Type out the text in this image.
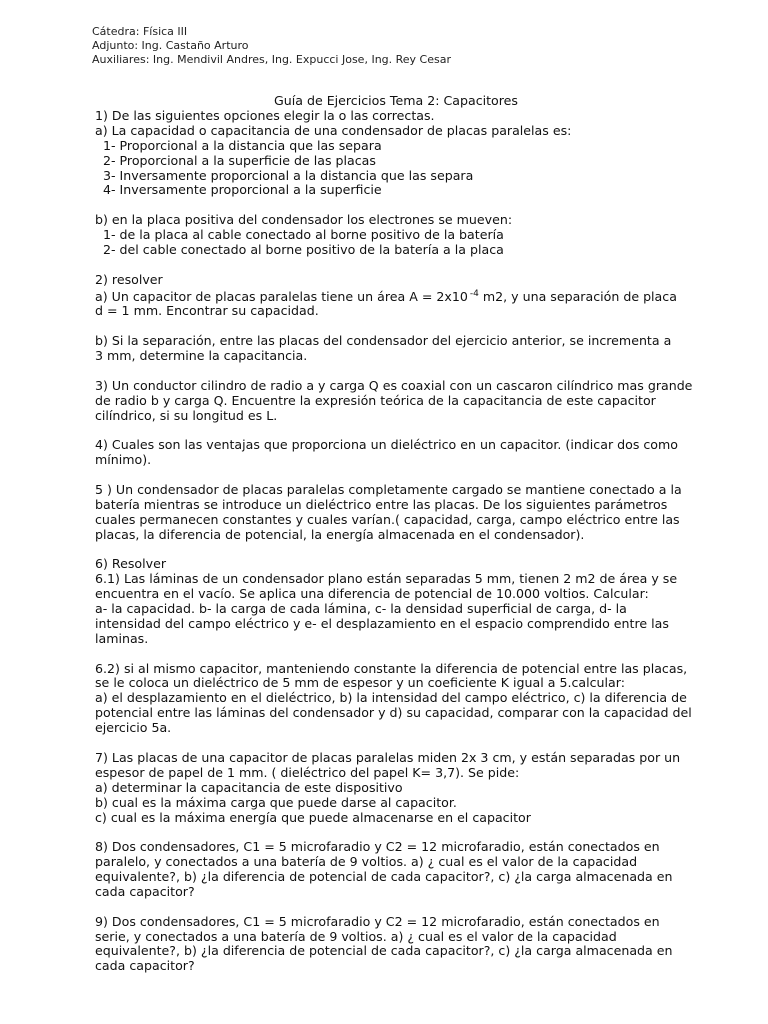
Cátedra: Física III
Adjunto: Ing. Castaño Arturo
Auxiliares: Ing. Mendivil Andres, Ing. Expucci Jose, Ing. Rey Cesar
Guía de Ejercicios Tema 2: Capacitores

1) De las siguientes opciones elegir la o las correctas.

a) La capacidad o capacitancia de una condensador de placas paralelas es:

1- Proporcional a la distancia que las separa

2- Proporcional a la superficie de las placas

3- Inversamente proporcional a la distancia que las separa

4- Inversamente proporcional a la superficie

b) en la placa positiva del condensador los electrones se mueven:

1- de la placa al cable conectado al borne positivo de la batería

2- del cable conectado al borne positivo de la batería a la placa

2) resolver

a) Un capacitor de placas paralelas tiene un área A = 2x10 $^{-4}$ m2, y una separación de placa

d = 1 mm. Encontrar su capacidad.

b) Si la separación, entre las placas del condensador del ejercicio anterior, se incrementa a

3 mm, determine la capacitancia.

3) Un conductor cilindro de radio a y carga Q es coaxial con un cascaron cilíndrico mas grande

de radio b y carga Q. Encuentre la expresión teórica de la capacitancia de este capacitor

cilíndrico, si su longitud es L.

4) Cuales son las ventajas que proporciona un dieléctrico en un capacitor. (indicar dos como

mínimo).

5 ) Un condensador de placas paralelas completamente cargado se mantiene conectado a la

batería mientras se introduce un dieléctrico entre las placas. De los siguientes parámetros

cuales permanecen constantes y cuales varían.( capacidad, carga, campo eléctrico entre las

placas, la diferencia de potencial, la energía almacenada en el condensador).

6) Resolver

6.1) Las láminas de un condensador plano están separadas 5 mm, tienen 2 m2 de área y se

encuentra en el vacío. Se aplica una diferencia de potencial de 10.000 voltios. Calcular:

a- la capacidad. b- la carga de cada lámina, c- la densidad superficial de carga, d- la

intensidad del campo eléctrico y e- el desplazamiento en el espacio comprendido entre las

laminas.

6.2) si al mismo capacitor, manteniendo constante la diferencia de potencial entre las placas,

se le coloca un dieléctrico de 5 mm de espesor y un coeficiente K igual a 5.calcular:

a) el desplazamiento en el dieléctrico, b) la intensidad del campo eléctrico, c) la diferencia de

potencial entre las láminas del condensador y d) su capacidad, comparar con la capacidad del

ejercicio 5a.

7) Las placas de una capacitor de placas paralelas miden 2x 3 cm, y están separadas por un

espesor de papel de 1 mm. ( dieléctrico del papel K= 3,7). Se pide:

a) determinar la capacitancia de este dispositivo

b) cual es la máxima carga que puede darse al capacitor.

c) cual es la máxima energía que puede almacenarse en el capacitor

8) Dos condensadores, C1 = 5 microfaradio y C2 = 12 microfaradio, están conectados en

paralelo, y conectados a una batería de 9 voltios. a) ¿ cual es el valor de la capacidad

equivalente?, b) ¿la diferencia de potencial de cada capacitor?, c) ¿la carga almacenada en

cada capacitor?

9) Dos condensadores, C1 = 5 microfaradio y C2 = 12 microfaradio, están conectados en

serie, y conectados a una batería de 9 voltios. a) ¿ cual es el valor de la capacidad

equivalente?, b) ¿la diferencia de potencial de cada capacitor?, c) ¿la carga almacenada en

cada capacitor?
